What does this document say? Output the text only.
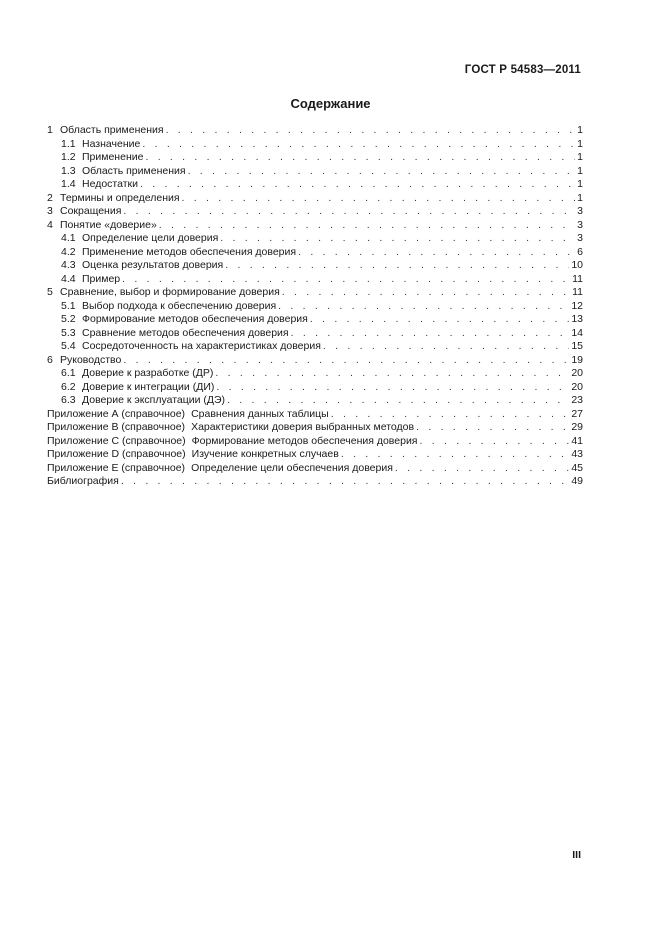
ГОСТ Р 54583—2011
Содержание
1 Область применения . . .	1
1.1 Назначение . . .	1
1.2 Применение . . .	1
1.3 Область применения . . .	1
1.4 Недостатки . . .	1
2 Термины и определения . . .	1
3 Сокращения . . .	3
4 Понятие «доверие» . . .	3
4.1 Определение цели доверия . . .	3
4.2 Применение методов обеспечения доверия . . .	6
4.3 Оценка результатов доверия . . .	10
4.4 Пример . . .	11
5 Сравнение, выбор и формирование доверия . . .	11
5.1 Выбор подхода к обеспечению доверия . . .	12
5.2 Формирование методов обеспечения доверия . . .	13
5.3 Сравнение методов обеспечения доверия . . .	14
5.4 Сосредоточенность на характеристиках доверия . . .	15
6 Руководство . . .	19
6.1 Доверие к разработке (ДР) . . .	20
6.2 Доверие к интеграции (ДИ) . . .	20
6.3 Доверие к эксплуатации (ДЭ) . . .	23
Приложение А (справочное) Сравнения данных таблицы . . .	27
Приложение В (справочное) Характеристики доверия выбранных методов . . .	29
Приложение С (справочное) Формирование методов обеспечения доверия . . .	41
Приложение D (справочное) Изучение конкретных случаев . . .	43
Приложение Е (справочное) Определение цели обеспечения доверия . . .	45
Библиография . . .	49
III
